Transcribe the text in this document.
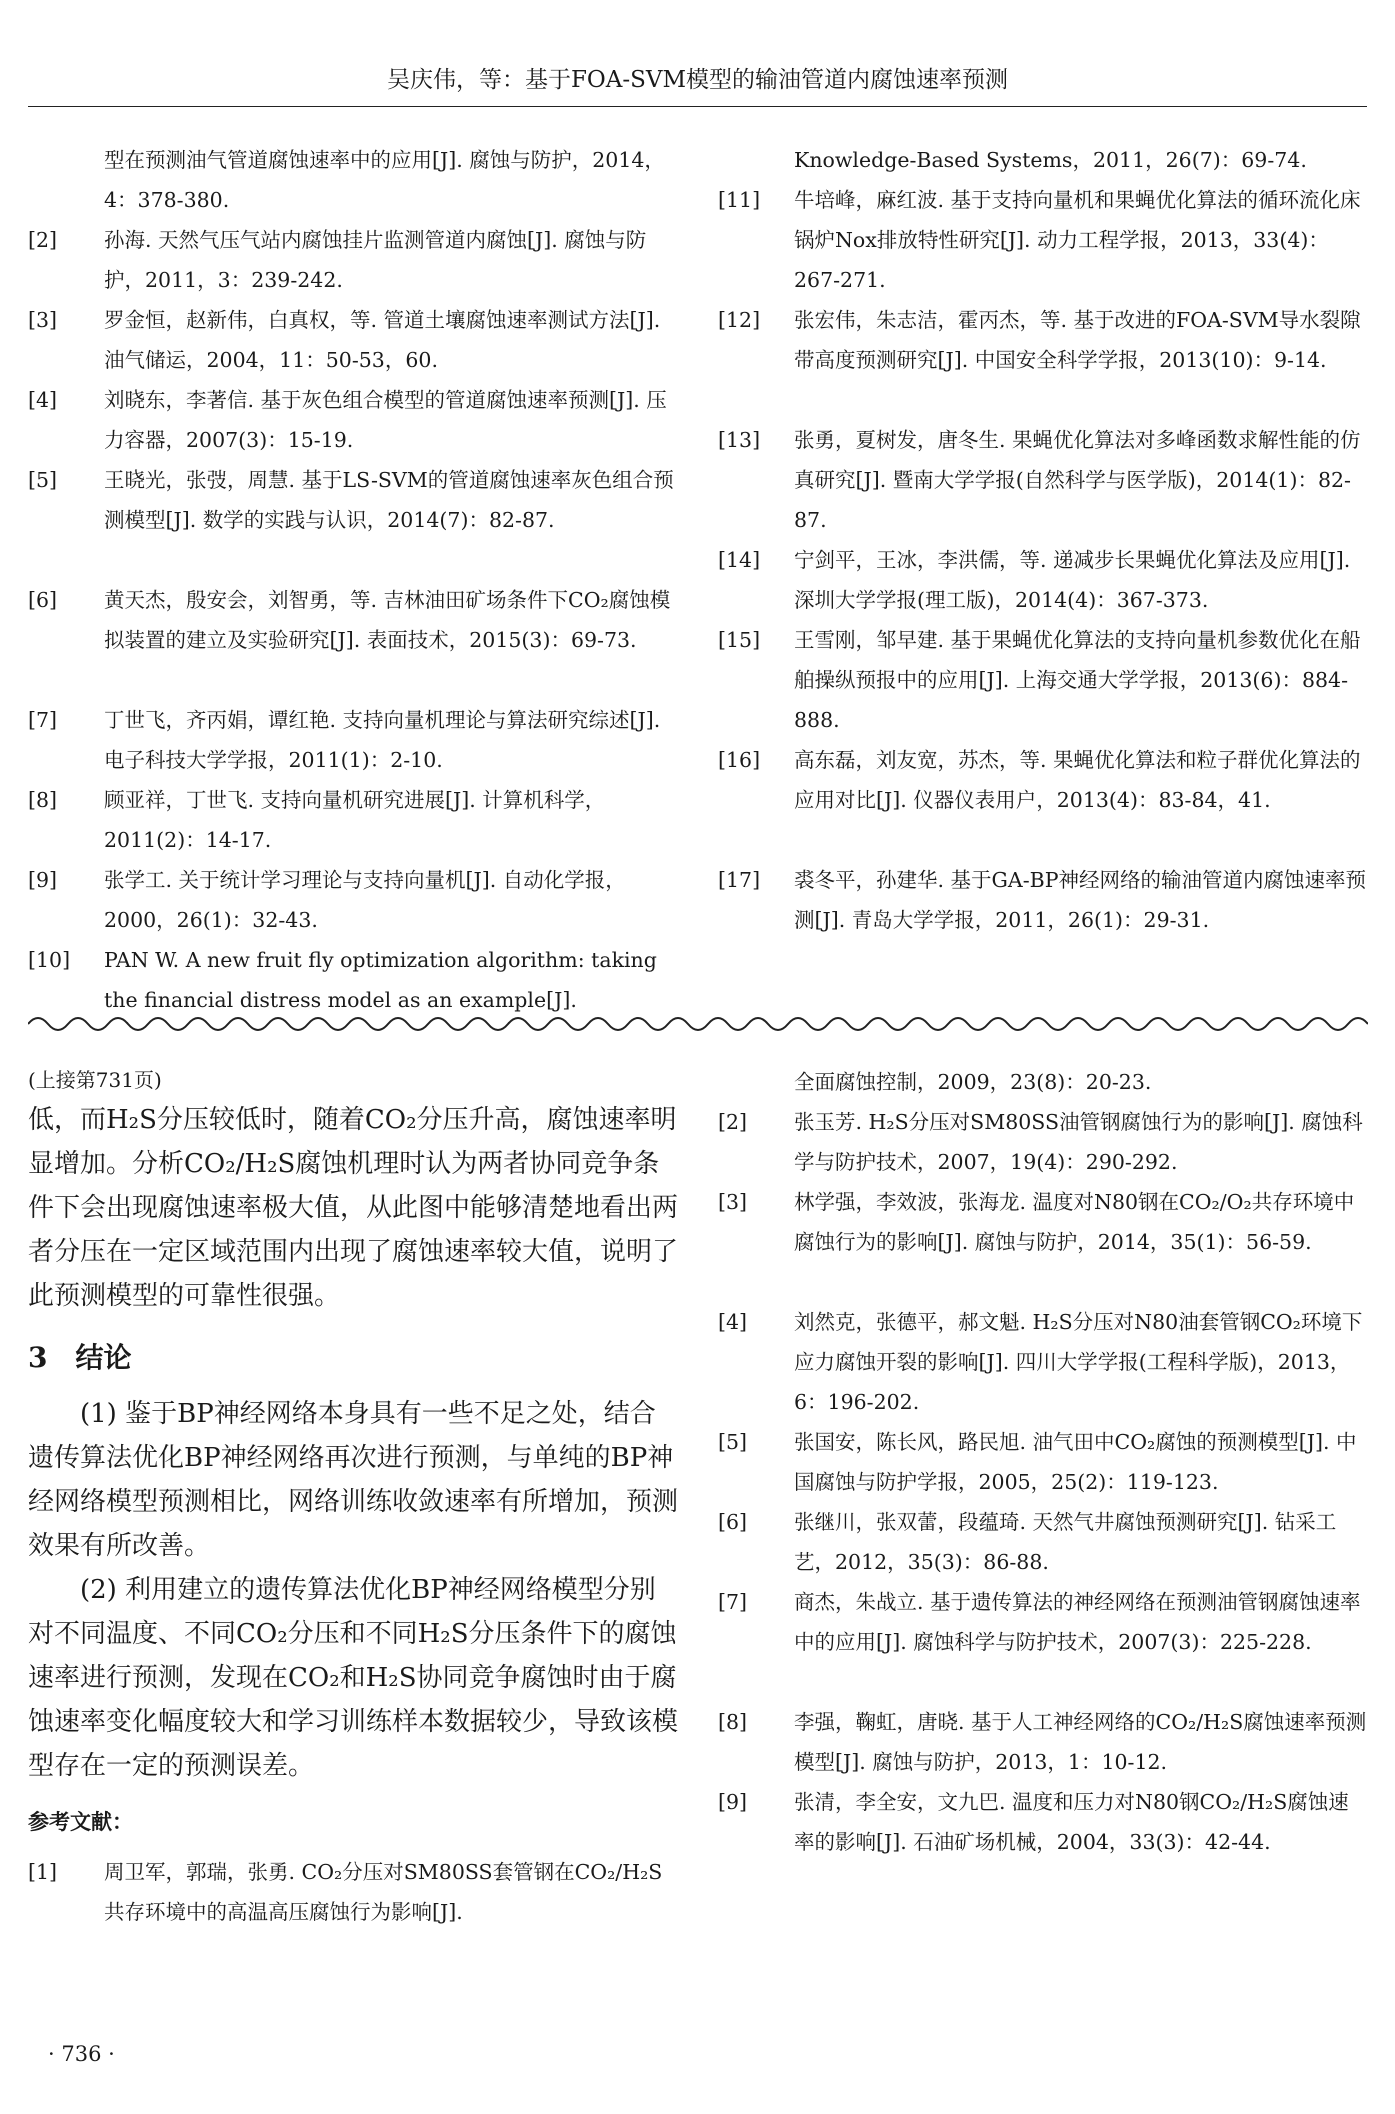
吴庆伟，等：基于FOA-SVM模型的输油管道内腐蚀速率预测
型在预测油气管道腐蚀速率中的应用[J]. 腐蚀与防护，2014，4：378-380.
[2] 孙海. 天然气压气站内腐蚀挂片监测管道内腐蚀[J]. 腐蚀与防护，2011，3：239-242.
[3] 罗金恒，赵新伟，白真权，等. 管道土壤腐蚀速率测试方法[J]. 油气储运，2004，11：50-53，60.
[4] 刘晓东，李著信. 基于灰色组合模型的管道腐蚀速率预测[J]. 压力容器，2007(3)：15-19.
[5] 王晓光，张弢，周慧. 基于LS-SVM的管道腐蚀速率灰色组合预测模型[J]. 数学的实践与认识，2014(7)：82-87.
[6] 黄天杰，殷安会，刘智勇，等. 吉林油田矿场条件下CO₂腐蚀模拟装置的建立及实验研究[J]. 表面技术，2015(3)：69-73.
[7] 丁世飞，齐丙娟，谭红艳. 支持向量机理论与算法研究综述[J]. 电子科技大学学报，2011(1)：2-10.
[8] 顾亚祥，丁世飞. 支持向量机研究进展[J]. 计算机科学，2011(2)：14-17.
[9] 张学工. 关于统计学习理论与支持向量机[J]. 自动化学报，2000，26(1)：32-43.
[10] PAN W. A new fruit fly optimization algorithm: taking the financial distress model as an example[J].
Knowledge-Based Systems，2011，26(7)：69-74.
[11] 牛培峰，麻红波. 基于支持向量机和果蝇优化算法的循环流化床锅炉Nox排放特性研究[J]. 动力工程学报，2013，33(4)：267-271.
[12] 张宏伟，朱志洁，霍丙杰，等. 基于改进的FOA-SVM导水裂隙带高度预测研究[J]. 中国安全科学学报，2013(10)：9-14.
[13] 张勇，夏树发，唐冬生. 果蝇优化算法对多峰函数求解性能的仿真研究[J]. 暨南大学学报(自然科学与医学版)，2014(1)：82-87.
[14] 宁剑平，王冰，李洪儒，等. 递减步长果蝇优化算法及应用[J]. 深圳大学学报(理工版)，2014(4)：367-373.
[15] 王雪刚，邹早建. 基于果蝇优化算法的支持向量机参数优化在船舶操纵预报中的应用[J]. 上海交通大学学报，2013(6)：884-888.
[16] 高东磊，刘友宽，苏杰，等. 果蝇优化算法和粒子群优化算法的应用对比[J]. 仪器仪表用户，2013(4)：83-84，41.
[17] 裘冬平，孙建华. 基于GA-BP神经网络的输油管道内腐蚀速率预测[J]. 青岛大学学报，2011，26(1)：29-31.
(上接第731页)

低，而H₂S分压较低时，随着CO₂分压升高，腐蚀速率明显增加。分析CO₂/H₂S腐蚀机理时认为两者协同竞争条件下会出现腐蚀速率极大值，从此图中能够清楚地看出两者分压在一定区域范围内出现了腐蚀速率较大值，说明了此预测模型的可靠性很强。

3　结论

(1) 鉴于BP神经网络本身具有一些不足之处，结合遗传算法优化BP神经网络再次进行预测，与单纯的BP神经网络模型预测相比，网络训练收敛速率有所增加，预测效果有所改善。

(2) 利用建立的遗传算法优化BP神经网络模型分别对不同温度、不同CO₂分压和不同H₂S分压条件下的腐蚀速率进行预测，发现在CO₂和H₂S协同竞争腐蚀时由于腐蚀速率变化幅度较大和学习训练样本数据较少，导致该模型存在一定的预测误差。

参考文献：
[1] 周卫军，郭瑞，张勇. CO₂分压对SM80SS套管钢在CO₂/H₂S共存环境中的高温高压腐蚀行为影响[J].
全面腐蚀控制，2009，23(8)：20-23.
[2] 张玉芳. H₂S分压对SM80SS油管钢腐蚀行为的影响[J]. 腐蚀科学与防护技术，2007，19(4)：290-292.
[3] 林学强，李效波，张海龙. 温度对N80钢在CO₂/O₂共存环境中腐蚀行为的影响[J]. 腐蚀与防护，2014，35(1)：56-59.
[4] 刘然克，张德平，郝文魁. H₂S分压对N80油套管钢CO₂环境下应力腐蚀开裂的影响[J]. 四川大学学报(工程科学版)，2013，6：196-202.
[5] 张国安，陈长风，路民旭. 油气田中CO₂腐蚀的预测模型[J]. 中国腐蚀与防护学报，2005，25(2)：119-123.
[6] 张继川，张双蕾，段蕴琦. 天然气井腐蚀预测研究[J]. 钻采工艺，2012，35(3)：86-88.
[7] 商杰，朱战立. 基于遗传算法的神经网络在预测油管钢腐蚀速率中的应用[J]. 腐蚀科学与防护技术，2007(3)：225-228.
[8] 李强，鞠虹，唐晓. 基于人工神经网络的CO₂/H₂S腐蚀速率预测模型[J]. 腐蚀与防护，2013，1：10-12.
[9] 张清，李全安，文九巴. 温度和压力对N80钢CO₂/H₂S腐蚀速率的影响[J]. 石油矿场机械，2004，33(3)：42-44.
· 736 ·
